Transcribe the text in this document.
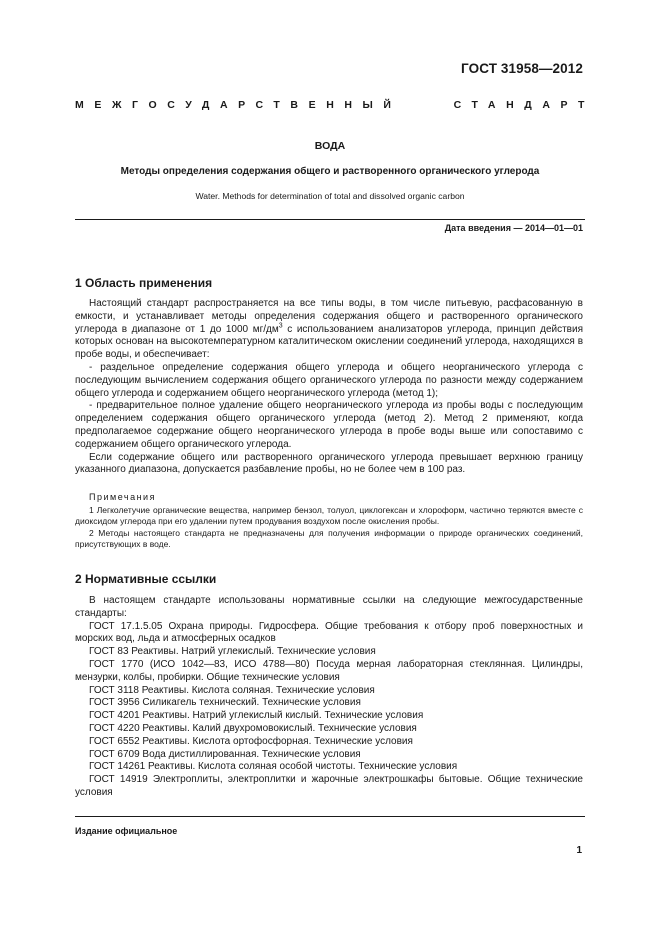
ГОСТ 31958—2012
МЕЖГОСУДАРСТВЕННЫЙ	СТАНДАРТ
ВОДА
Методы определения содержания общего и растворенного органического углерода
Water. Methods for determination of total and dissolved organic carbon
Дата введения — 2014—01—01
1 Область применения

Настоящий стандарт распространяется на все типы воды, в том числе питьевую, расфасованную в емкости, и устанавливает методы определения содержания общего и растворенного органического углерода в диапазоне от 1 до 1000 $мг/дм^3$ с использованием анализаторов углерода, принцип действия которых основан на высокотемпературном каталитическом окислении соединений углерода, находящихся в пробе воды, и обеспечивает:

- раздельное определение содержания общего углерода и общего неорганического углерода с последующим вычислением содержания общего органического углерода по разности между содержанием общего углерода и содержанием общего неорганического углерода (метод 1);

- предварительное полное удаление общего неорганического углерода из пробы воды с последующим определением содержания общего органического углерода (метод 2). Метод 2 применяют, когда предполагаемое содержание общего неорганического углерода в пробе воды выше или сопоставимо с содержанием общего органического углерода.

Если содержание общего или растворенного органического углерода превышает верхнюю границу указанного диапазона, допускается разбавление пробы, но не более чем в 100 раз.

Примечания

1 Легколетучие органические вещества, например бензол, толуол, циклогексан и хлороформ, частично теряются вместе с диоксидом углерода при его удалении путем продувания воздухом после окисления пробы.

2 Методы настоящего стандарта не предназначены для получения информации о природе органических соединений, присутствующих в воде.

2 Нормативные ссылки

В настоящем стандарте использованы нормативные ссылки на следующие межгосударственные стандарты:

ГОСТ 17.1.5.05 Охрана природы. Гидросфера. Общие требования к отбору проб поверхностных и морских вод, льда и атмосферных осадков

ГОСТ 83 Реактивы. Натрий углекислый. Технические условия

ГОСТ 1770 (ИСО 1042—83, ИСО 4788—80) Посуда мерная лабораторная стеклянная. Цилиндры, мензурки, колбы, пробирки. Общие технические условия

ГОСТ 3118 Реактивы. Кислота соляная. Технические условия

ГОСТ 3956 Силикагель технический. Технические условия

ГОСТ 4201 Реактивы. Натрий углекислый кислый. Технические условия

ГОСТ 4220 Реактивы. Калий двухромовокислый. Технические условия

ГОСТ 6552 Реактивы. Кислота ортофосфорная. Технические условия

ГОСТ 6709 Вода дистиллированная. Технические условия

ГОСТ 14261 Реактивы. Кислота соляная особой чистоты. Технические условия

ГОСТ 14919 Электроплиты, электроплитки и жарочные электрошкафы бытовые. Общие технические условия

Издание официальное
1
